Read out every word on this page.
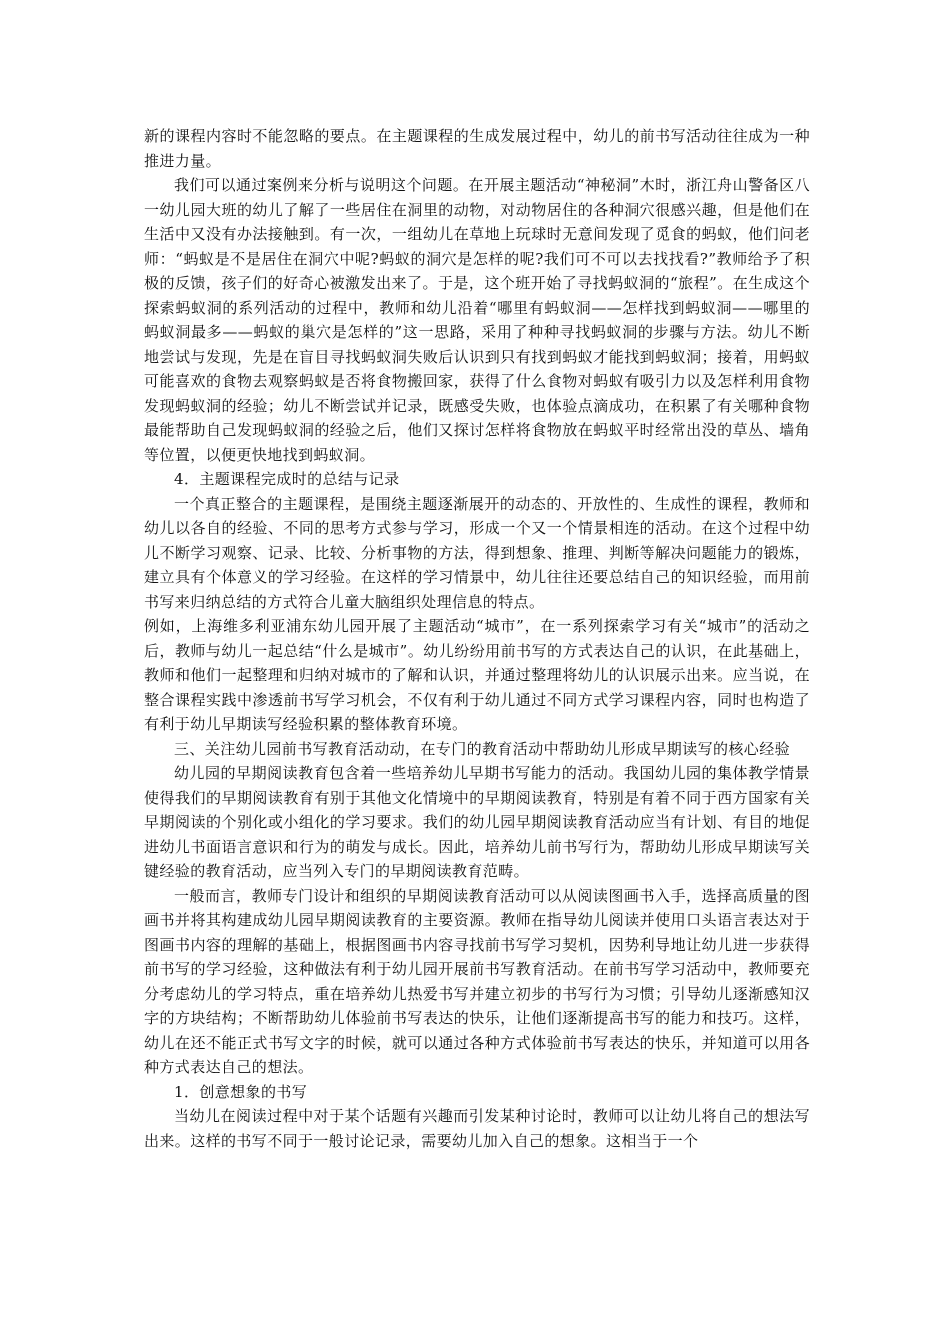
新的课程内容时不能忽略的要点。在主题课程的生成发展过程中，幼儿的前书写活动往往成为一种推进力量。

我们可以通过案例来分析与说明这个问题。在开展主题活动“神秘洞”木时，浙江舟山警备区八一幼儿园大班的幼儿了解了一些居住在洞里的动物，对动物居住的各种洞穴很感兴趣，但是他们在生活中又没有办法接触到。有一次，一组幼儿在草地上玩球时无意间发现了觅食的蚂蚁，他们问老师：“蚂蚁是不是居住在洞穴中呢?蚂蚁的洞穴是怎样的呢?我们可不可以去找找看?”教师给予了积极的反馈，孩子们的好奇心被激发出来了。于是，这个班开始了寻找蚂蚁洞的“旅程”。在生成这个探索蚂蚁洞的系列活动的过程中，教师和幼儿沿着“哪里有蚂蚁洞——怎样找到蚂蚁洞——哪里的蚂蚁洞最多——蚂蚁的巢穴是怎样的”这一思路，采用了种种寻找蚂蚁洞的步骤与方法。幼儿不断地尝试与发现，先是在盲目寻找蚂蚁洞失败后认识到只有找到蚂蚁才能找到蚂蚁洞；接着，用蚂蚁可能喜欢的食物去观察蚂蚁是否将食物搬回家，获得了什么食物对蚂蚁有吸引力以及怎样利用食物发现蚂蚁洞的经验；幼儿不断尝试并记录，既感受失败，也体验点滴成功，在积累了有关哪种食物最能帮助自己发现蚂蚁洞的经验之后，他们又探讨怎样将食物放在蚂蚁平时经常出没的草丛、墙角等位置，以便更快地找到蚂蚁洞。

4．主题课程完成时的总结与记录

一个真正整合的主题课程，是围绕主题逐渐展开的动态的、开放性的、生成性的课程，教师和幼儿以各自的经验、不同的思考方式参与学习，形成一个又一个情景相连的活动。在这个过程中幼儿不断学习观察、记录、比较、分析事物的方法，得到想象、推理、判断等解决问题能力的锻炼，建立具有个体意义的学习经验。在这样的学习情景中，幼儿往往还要总结自己的知识经验，而用前书写来归纳总结的方式符合儿童大脑组织处理信息的特点。

例如，上海维多利亚浦东幼儿园开展了主题活动“城市”，在一系列探索学习有关“城市”的活动之后，教师与幼儿一起总结“什么是城市”。幼儿纷纷用前书写的方式表达自己的认识，在此基础上，教师和他们一起整理和归纳对城市的了解和认识，并通过整理将幼儿的认识展示出来。应当说，在整合课程实践中渗透前书写学习机会，不仅有利于幼儿通过不同方式学习课程内容，同时也构造了有利于幼儿早期读写经验积累的整体教育环境。

三、关注幼儿园前书写教育活动动，在专门的教育活动中帮助幼儿形成早期读写的核心经验

幼儿园的早期阅读教育包含着一些培养幼儿早期书写能力的活动。我国幼儿园的集体教学情景使得我们的早期阅读教育有别于其他文化情境中的早期阅读教育，特别是有着不同于西方国家有关早期阅读的个别化或小组化的学习要求。我们的幼儿园早期阅读教育活动应当有计划、有目的地促进幼儿书面语言意识和行为的萌发与成长。因此，培养幼儿前书写行为，帮助幼儿形成早期读写关键经验的教育活动，应当列入专门的早期阅读教育范畴。

一般而言，教师专门设计和组织的早期阅读教育活动可以从阅读图画书入手，选择高质量的图画书并将其构建成幼儿园早期阅读教育的主要资源。教师在指导幼儿阅读并使用口头语言表达对于图画书内容的理解的基础上，根据图画书内容寻找前书写学习契机，因势利导地让幼儿进一步获得前书写的学习经验，这种做法有利于幼儿园开展前书写教育活动。在前书写学习活动中，教师要充分考虑幼儿的学习特点，重在培养幼儿热爱书写并建立初步的书写行为习惯；引导幼儿逐渐感知汉字的方块结构；不断帮助幼儿体验前书写表达的快乐，让他们逐渐提高书写的能力和技巧。这样，幼儿在还不能正式书写文字的时候，就可以通过各种方式体验前书写表达的快乐，并知道可以用各种方式表达自己的想法。

1．创意想象的书写

当幼儿在阅读过程中对于某个话题有兴趣而引发某种讨论时，教师可以让幼儿将自己的想法写出来。这样的书写不同于一般讨论记录，需要幼儿加入自己的想象。这相当于一个
